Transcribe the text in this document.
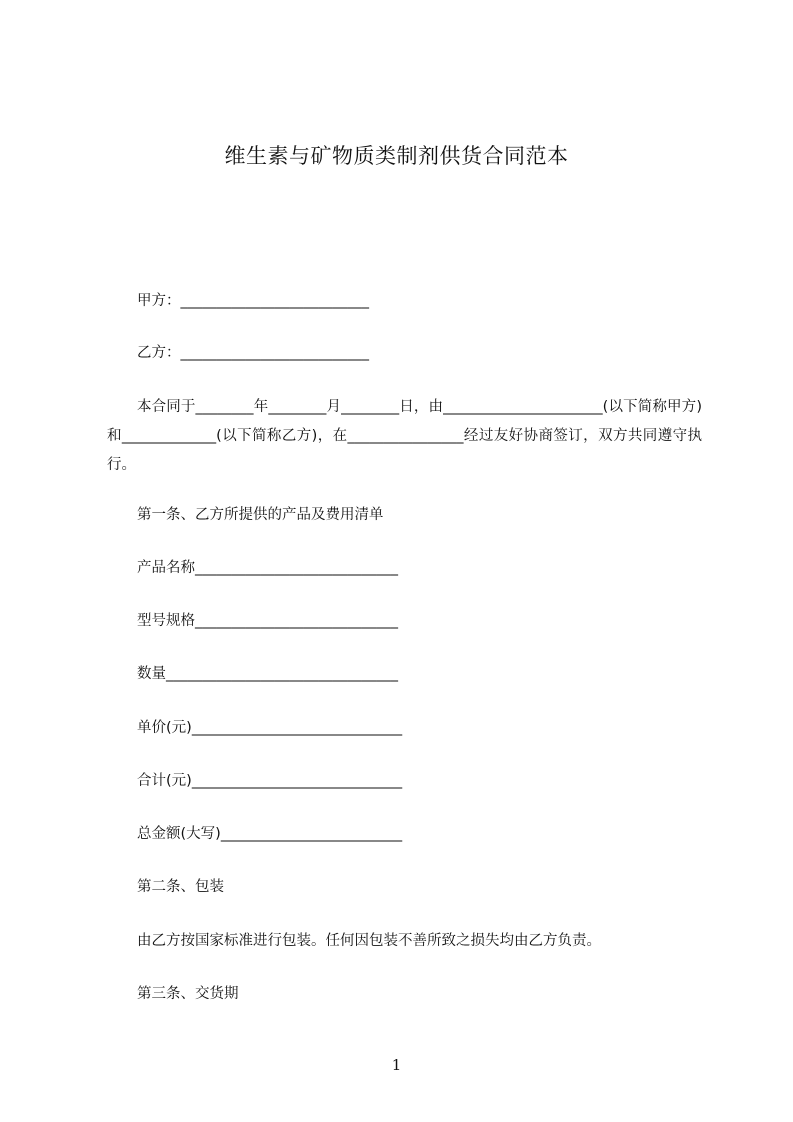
维生素与矿物质类制剂供货合同范本
甲方：__________________________
乙方：__________________________
本合同于________年________月________日，由______________________(以下简称甲方)和_____________(以下简称乙方)，在________________经过友好协商签订，双方共同遵守执行。
第一条、乙方所提供的产品及费用清单
产品名称____________________________
型号规格____________________________
数量________________________________
单价(元)_____________________________
合计(元)_____________________________
总金额(大写)_________________________
第二条、包装
由乙方按国家标准进行包装。任何因包装不善所致之损失均由乙方负责。
第三条、交货期
1
